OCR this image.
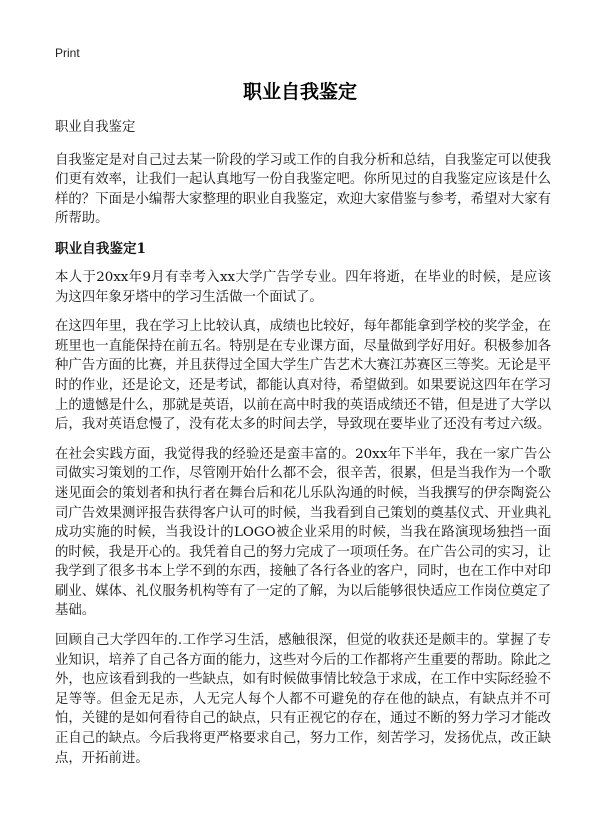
Print
职业自我鉴定

职业自我鉴定

自我鉴定是对自己过去某一阶段的学习或工作的自我分析和总结，自我鉴定可以使我们更有效率，让我们一起认真地写一份自我鉴定吧。你所见过的自我鉴定应该是什么样的？下面是小编帮大家整理的职业自我鉴定，欢迎大家借鉴与参考，希望对大家有所帮助。

职业自我鉴定1

本人于20xx年9月有幸考入xx大学广告学专业。四年将逝，在毕业的时候，是应该为这四年象牙塔中的学习生活做一个面试了。

在这四年里，我在学习上比较认真，成绩也比较好，每年都能拿到学校的奖学金，在班里也一直能保持在前五名。特别是在专业课方面，尽量做到学好用好。积极参加各种广告方面的比赛，并且获得过全国大学生广告艺术大赛江苏赛区三等奖。无论是平时的作业，还是论文，还是考试，都能认真对待，希望做到。如果要说这四年在学习上的遗憾是什么，那就是英语，以前在高中时我的英语成绩还不错，但是进了大学以后，我对英语怠慢了，没有花太多的时间去学，导致现在要毕业了还没有考过六级。

在社会实践方面，我觉得我的经验还是蛮丰富的。20xx年下半年，我在一家广告公司做实习策划的工作，尽管刚开始什么都不会，很辛苦，很累，但是当我作为一个歌迷见面会的策划者和执行者在舞台后和花儿乐队沟通的时候，当我撰写的伊奈陶瓷公司广告效果测评报告获得客户认可的时候，当我看到自己策划的奠基仪式、开业典礼成功实施的时候，当我设计的LOGO被企业采用的时候，当我在路演现场独挡一面的时候，我是开心的。我凭着自己的努力完成了一项项任务。在广告公司的实习，让我学到了很多书本上学不到的东西，接触了各行各业的客户，同时，也在工作中对印刷业、媒体、礼仪服务机构等有了一定的了解，为以后能够很快适应工作岗位奠定了基础。

回顾自己大学四年的.工作学习生活，感触很深，但觉的收获还是颇丰的。掌握了专业知识，培养了自己各方面的能力，这些对今后的工作都将产生重要的帮助。除此之外，也应该看到我的一些缺点，如有时候做事情比较急于求成，在工作中实际经验不足等等。但金无足赤，人无完人每个人都不可避免的存在他的缺点，有缺点并不可怕，关键的是如何看待自己的缺点，只有正视它的存在，通过不断的努力学习才能改正自己的缺点。今后我将更严格要求自己，努力工作，刻苦学习，发扬优点，改正缺点，开拓前进。
